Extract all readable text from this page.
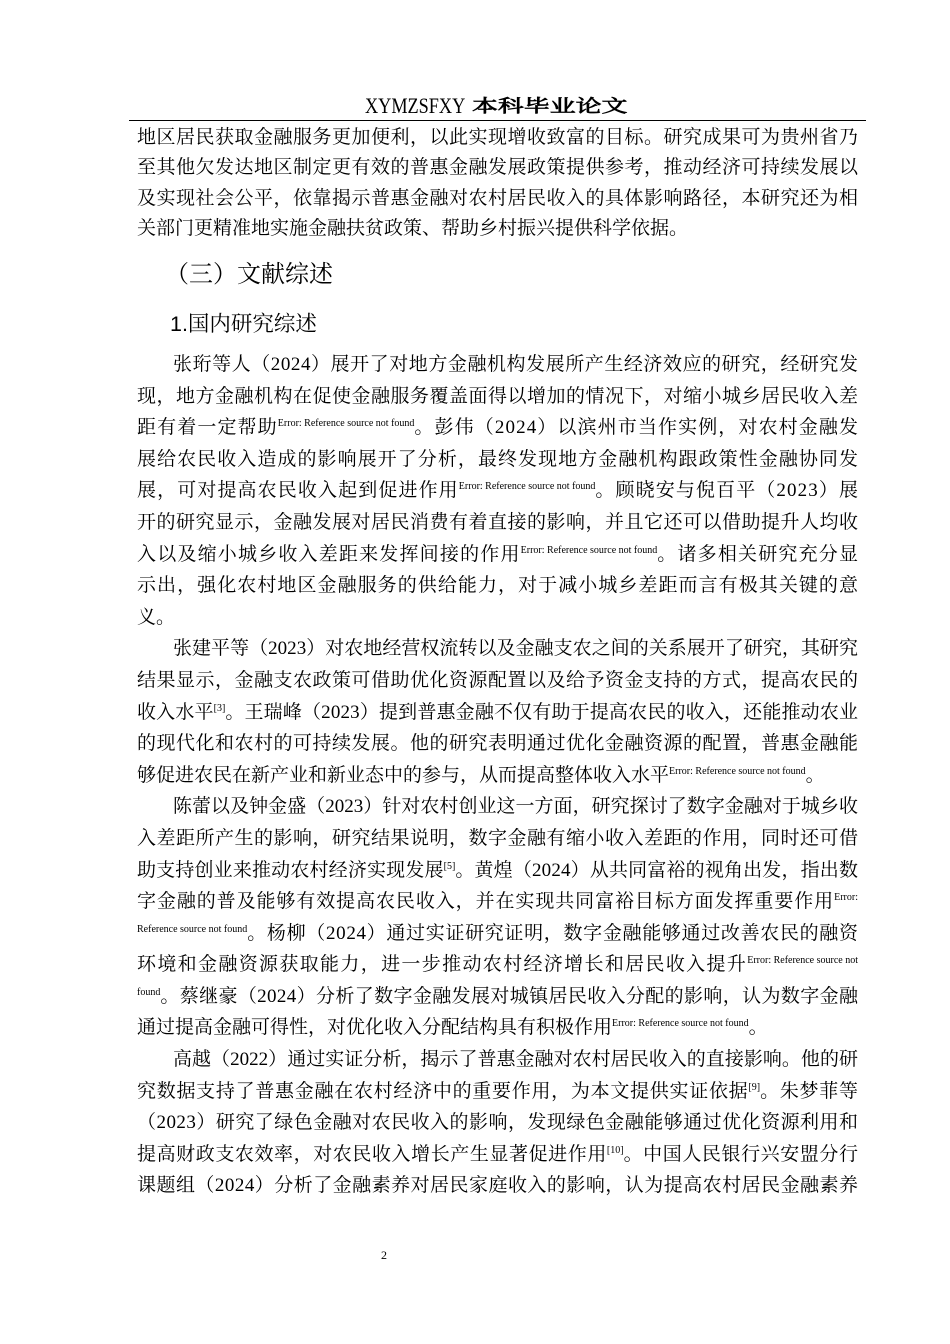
XYMZSFXY 本科毕业论文
地区居民获取金融服务更加便利，以此实现增收致富的目标。研究成果可为贵州省乃
至其他欠发达地区制定更有效的普惠金融发展政策提供参考，推动经济可持续发展以
及实现社会公平，依靠揭示普惠金融对农村居民收入的具体影响路径，本研究还为相
关部门更精准地实施金融扶贫政策、帮助乡村振兴提供科学依据。
（三）文献综述
1.国内研究综述
张珩等人（2024）展开了对地方金融机构发展所产生经济效应的研究，经研究发
现，地方金融机构在促使金融服务覆盖面得以增加的情况下，对缩小城乡居民收入差
距有着一定帮助Error: Reference source not found。彭伟（2024）以滨州市当作实例，对农村金融发
展给农民收入造成的影响展开了分析，最终发现地方金融机构跟政策性金融协同发
展，可对提高农民收入起到促进作用Error: Reference source not found。顾晓安与倪百平（2023）展
开的研究显示，金融发展对居民消费有着直接的影响，并且它还可以借助提升人均收
入以及缩小城乡收入差距来发挥间接的作用Error: Reference source not found。诸多相关研究充分显
示出，强化农村地区金融服务的供给能力，对于减小城乡差距而言有极其关键的意
义。
张建平等（2023）对农地经营权流转以及金融支农之间的关系展开了研究，其研究
结果显示，金融支农政策可借助优化资源配置以及给予资金支持的方式，提高农民的
收入水平[3]。王瑞峰（2023）提到普惠金融不仅有助于提高农民的收入，还能推动农业
的现代化和农村的可持续发展。他的研究表明通过优化金融资源的配置，普惠金融能
够促进农民在新产业和新业态中的参与，从而提高整体收入水平Error: Reference source not found。
陈蕾以及钟金盛（2023）针对农村创业这一方面，研究探讨了数字金融对于城乡收
入差距所产生的影响，研究结果说明，数字金融有缩小收入差距的作用，同时还可借
助支持创业来推动农村经济实现发展[5]。黄煌（2024）从共同富裕的视角出发，指出数
字金融的普及能够有效提高农民收入，并在实现共同富裕目标方面发挥重要作用Error:
Reference source not found。杨柳（2024）通过实证研究证明，数字金融能够通过改善农民的融资
环境和金融资源获取能力，进一步推动农村经济增长和居民收入提升Error: Reference source not
found。蔡继豪（2024）分析了数字金融发展对城镇居民收入分配的影响，认为数字金融
通过提高金融可得性，对优化收入分配结构具有积极作用Error: Reference source not found。
高越（2022）通过实证分析，揭示了普惠金融对农村居民收入的直接影响。他的研
究数据支持了普惠金融在农村经济中的重要作用，为本文提供实证依据[9]。朱梦菲等
（2023）研究了绿色金融对农民收入的影响，发现绿色金融能够通过优化资源利用和
提高财政支农效率，对农民收入增长产生显著促进作用[10]。中国人民银行兴安盟分行
课题组（2024）分析了金融素养对居民家庭收入的影响，认为提高农村居民金融素养
2
